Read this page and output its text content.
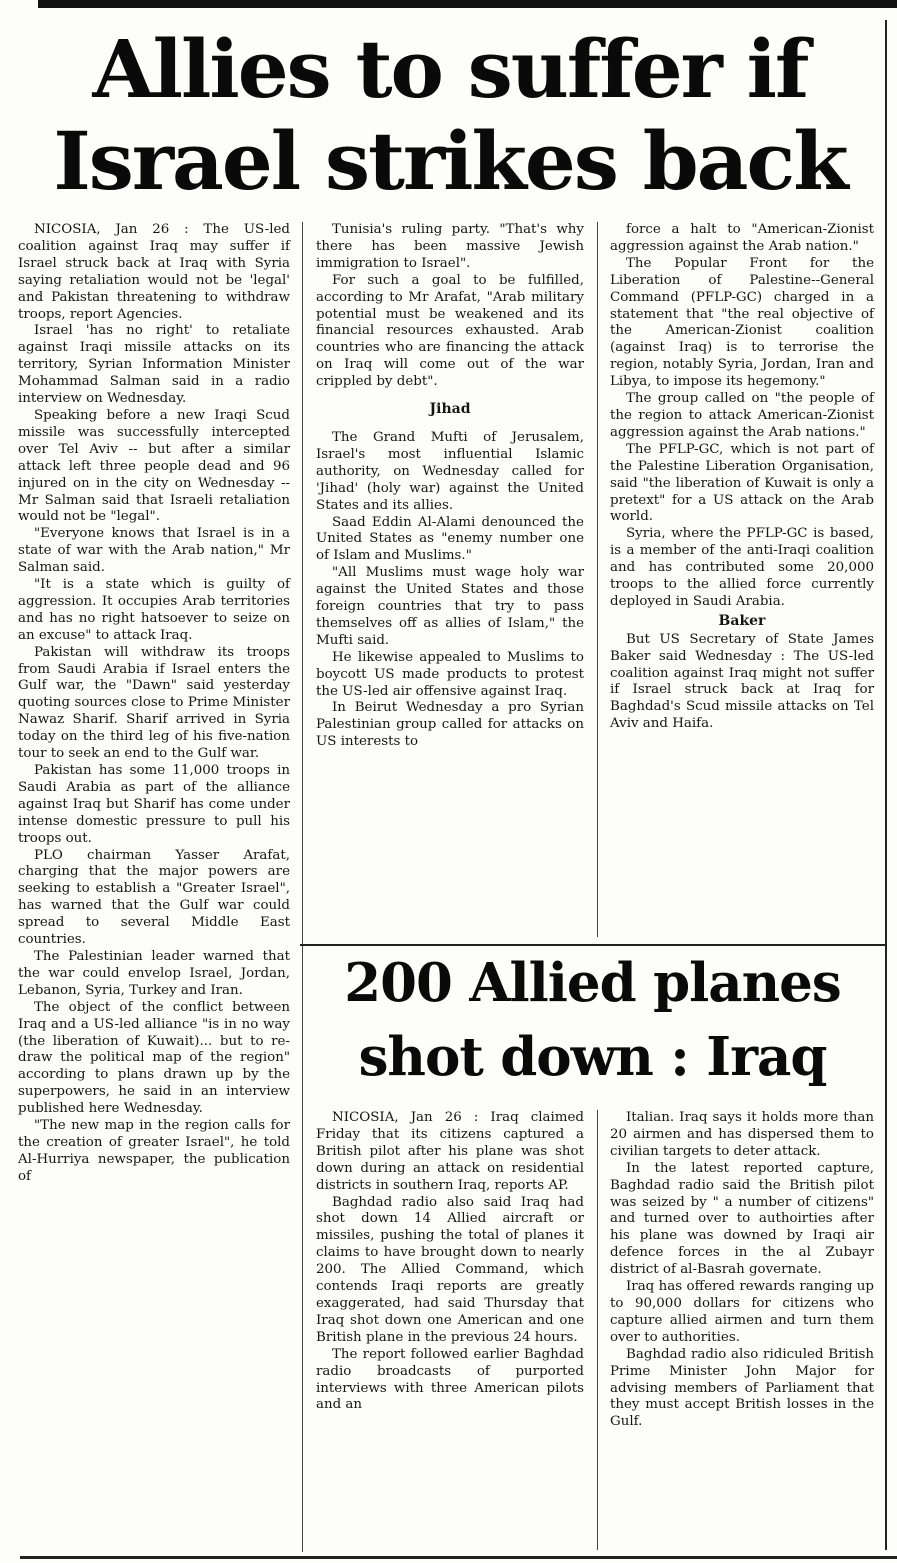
Allies to suffer if
Israel strikes back

NICOSIA, Jan 26 : The US-led coalition against Iraq may suffer if Israel struck back at Iraq with Syria saying retaliation would not be 'legal' and Pakistan threatening to withdraw troops, report Agencies.

Israel 'has no right' to retaliate against Iraqi missile attacks on its territory, Syrian Information Minister Mohammad Salman said in a radio interview on Wednesday.

Speaking before a new Iraqi Scud missile was successfully intercepted over Tel Aviv -- but after a similar attack left three people dead and 96 injured on in the city on Wednesday -- Mr Salman said that Israeli retaliation would not be "legal".

"Everyone knows that Israel is in a state of war with the Arab nation," Mr Salman said.

"It is a state which is guilty of aggression. It occupies Arab territories and has no right hatsoever to seize on an excuse" to attack Iraq.

Pakistan will withdraw its troops from Saudi Arabia if Israel enters the Gulf war, the "Dawn" said yesterday quoting sources close to Prime Minister Nawaz Sharif. Sharif arrived in Syria today on the third leg of his five-nation tour to seek an end to the Gulf war.

Pakistan has some 11,000 troops in Saudi Arabia as part of the alliance against Iraq but Sharif has come under intense domestic pressure to pull his troops out.

PLO chairman Yasser Arafat, charging that the major powers are seeking to establish a "Greater Israel", has warned that the Gulf war could spread to several Middle East countries.

The Palestinian leader warned that the war could envelop Israel, Jordan, Lebanon, Syria, Turkey and Iran.

The object of the conflict between Iraq and a US-led alliance "is in no way (the liberation of Kuwait)... but to re-draw the political map of the region" according to plans drawn up by the superpowers, he said in an interview published here Wednesday.

"The new map in the region calls for the creation of greater Israel", he told Al-Hurriya newspaper, the publication of

Tunisia's ruling party. "That's why there has been massive Jewish immigration to Israel".

For such a goal to be fulfilled, according to Mr Arafat, "Arab military potential must be weakened and its financial resources exhausted. Arab countries who are financing the attack on Iraq will come out of the war crippled by debt".

Jihad

The Grand Mufti of Jerusalem, Israel's most influential Islamic authority, on Wednesday called for 'Jihad' (holy war) against the United States and its allies.

Saad Eddin Al-Alami denounced the United States as "enemy number one of Islam and Muslims."

"All Muslims must wage holy war against the United States and those foreign countries that try to pass themselves off as allies of Islam," the Mufti said.

He likewise appealed to Muslims to boycott US made products to protest the US-led air offensive against Iraq.

In Beirut Wednesday a pro Syrian Palestinian group called for attacks on US interests to

force a halt to "American-Zionist aggression against the Arab nation."

The Popular Front for the Liberation of Palestine--General Command (PFLP-GC) charged in a statement that "the real objective of the American-Zionist coalition (against Iraq) is to terrorise the region, notably Syria, Jordan, Iran and Libya, to impose its hegemony."

The group called on "the people of the region to attack American-Zionist aggression against the Arab nations."

The PFLP-GC, which is not part of the Palestine Liberation Organisation, said "the liberation of Kuwait is only a pretext" for a US attack on the Arab world.

Syria, where the PFLP-GC is based, is a member of the anti-Iraqi coalition and has contributed some 20,000 troops to the allied force currently deployed in Saudi Arabia.

Baker

But US Secretary of State James Baker said Wednesday : The US-led coalition against Iraq might not suffer if Israel struck back at Iraq for Baghdad's Scud missile attacks on Tel Aviv and Haifa.

200 Allied planes
shot down : Iraq

NICOSIA, Jan 26 : Iraq claimed Friday that its citizens captured a British pilot after his plane was shot down during an attack on residential districts in southern Iraq, reports AP.

Baghdad radio also said Iraq had shot down 14 Allied aircraft or missiles, pushing the total of planes it claims to have brought down to nearly 200. The Allied Command, which contends Iraqi reports are greatly exaggerated, had said Thursday that Iraq shot down one American and one British plane in the previous 24 hours.

The report followed earlier Baghdad radio broadcasts of purported interviews with three American pilots and an

Italian. Iraq says it holds more than 20 airmen and has dispersed them to civilian targets to deter attack.

In the latest reported capture, Baghdad radio said the British pilot was seized by " a number of citizens" and turned over to authoirties after his plane was downed by Iraqi air defence forces in the al Zubayr district of al-Basrah governate.

Iraq has offered rewards ranging up to 90,000 dollars for citizens who capture allied airmen and turn them over to authorities.

Baghdad radio also ridiculed British Prime Minister John Major for advising members of Parliament that they must accept British losses in the Gulf.
